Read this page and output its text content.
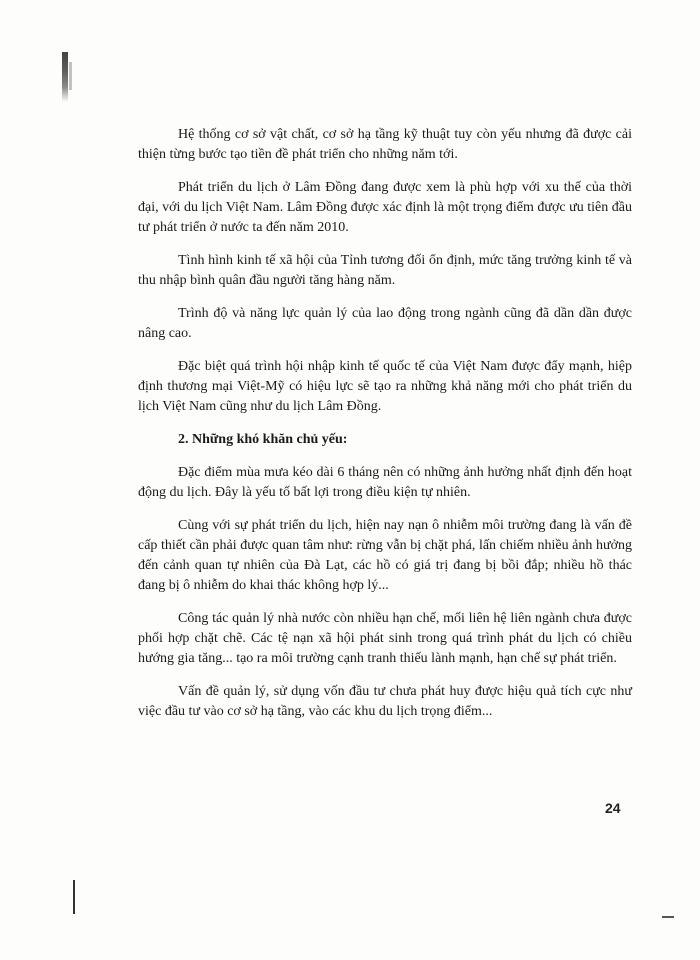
Hệ thống cơ sở vật chất, cơ sở hạ tầng kỹ thuật tuy còn yếu nhưng đã được cải thiện từng bước tạo tiền đề phát triển cho những năm tới.

Phát triển du lịch ở Lâm Đồng đang được xem là phù hợp với xu thế của thời đại, với du lịch Việt Nam. Lâm Đồng được xác định là một trọng điểm được ưu tiên đầu tư phát triển ở nước ta đến năm 2010.

Tình hình kinh tế xã hội của Tỉnh tương đối ổn định, mức tăng trưởng kinh tế và thu nhập bình quân đầu người tăng hàng năm.

Trình độ và năng lực quản lý của lao động trong ngành cũng đã dần dần được nâng cao.

Đặc biệt quá trình hội nhập kinh tế quốc tế của Việt Nam được đẩy mạnh, hiệp định thương mại Việt-Mỹ có hiệu lực sẽ tạo ra những khả năng mới cho phát triển du lịch Việt Nam cũng như du lịch Lâm Đồng.

2. Những khó khăn chủ yếu:

Đặc điểm mùa mưa kéo dài 6 tháng nên có những ảnh hưởng nhất định đến hoạt động du lịch. Đây là yếu tố bất lợi trong điều kiện tự nhiên.

Cùng với sự phát triển du lịch, hiện nay nạn ô nhiễm môi trường đang là vấn đề cấp thiết cần phải được quan tâm như: rừng vẫn bị chặt phá, lấn chiếm nhiều ảnh hưởng đến cảnh quan tự nhiên của Đà Lạt, các hồ có giá trị đang bị bồi đắp; nhiều hồ thác đang bị ô nhiễm do khai thác không hợp lý...

Công tác quản lý nhà nước còn nhiều hạn chế, mối liên hệ liên ngành chưa được phối hợp chặt chẽ. Các tệ nạn xã hội phát sinh trong quá trình phát du lịch có chiều hướng gia tăng... tạo ra môi trường cạnh tranh thiếu lành mạnh, hạn chế sự phát triển.

Vấn đề quản lý, sử dụng vốn đầu tư chưa phát huy được hiệu quả tích cực như việc đầu tư vào cơ sở hạ tầng, vào các khu du lịch trọng điểm...

24
